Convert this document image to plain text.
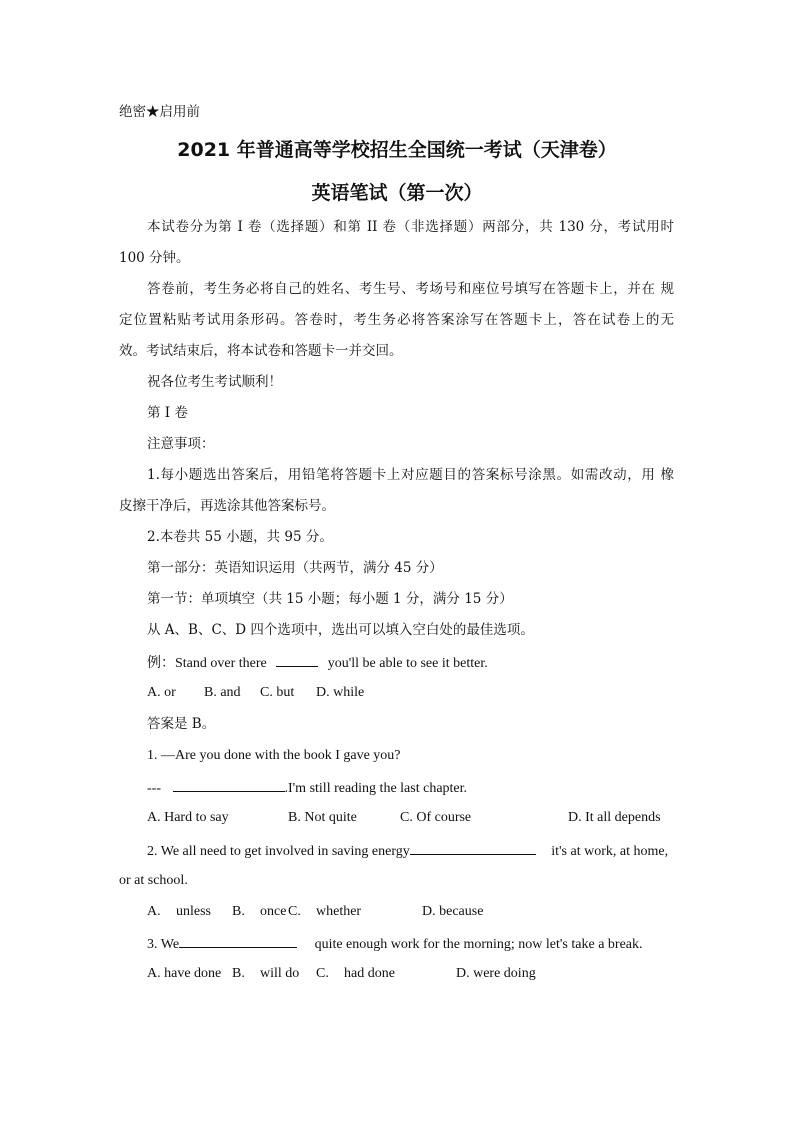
绝密★启用前
2021 年普通高等学校招生全国统一考试（天津卷）
英语笔试（第一次）
本试卷分为第 I 卷（选择题）和第 II 卷（非选择题）两部分，共 130 分，考试用时
100 分钟。
答卷前，考生务必将自己的姓名、考生号、考场号和座位号填写在答题卡上，并在 规
定位置粘贴考试用条形码。答卷时，考生务必将答案涂写在答题卡上，答在试卷上的无
效。考试结束后，将本试卷和答题卡一并交回。
祝各位考生考试顺利！
第 I 卷
注意事项：
1.每小题选出答案后，用铅笔将答题卡上对应题目的答案标号涂黑。如需改动，用 橡
皮擦干净后，再选涂其他答案标号。
2.本卷共 55 小题，共 95 分。
第一部分：英语知识运用（共两节，满分 45 分）
第一节：单项填空（共 15 小题；每小题 1 分，满分 15 分）
从 A、B、C、D 四个选项中，选出可以填入空白处的最佳选项。
例：Stand over there	you'll be able to see it better.
A. or B. and C. but D. while
答案是 B。
1. —Are you done with the book I gave you?
---	.I'm still reading the last chapter.
A. Hard to say	B. Not quite	C. Of course	D. It all depends
2. We all need to get involved in saving energy	it's at work, at home,
or at school.
A. unless B. once C. whether	D. because
3. We	quite enough work for the morning; now let's take a break.
A. have done B. will do C. had done	D. were doing
